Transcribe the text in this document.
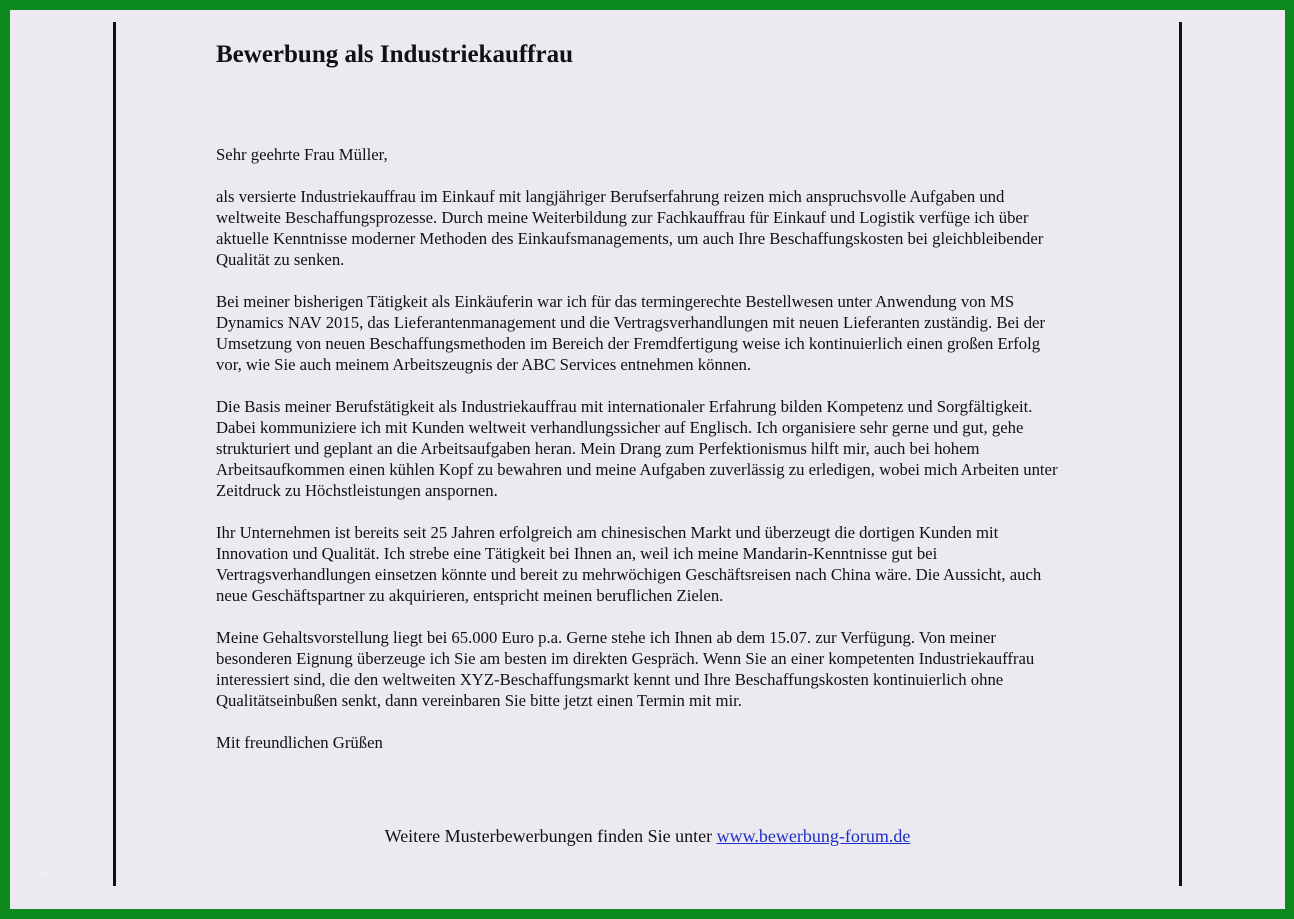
lalelu blue
Bewerbung als Industriekauffrau

Sehr geehrte Frau Müller,

als versierte Industriekauffrau im Einkauf mit langjähriger Berufserfahrung reizen mich anspruchsvolle Aufgaben und weltweite Beschaffungsprozesse. Durch meine Weiterbildung zur Fachkauffrau für Einkauf und Logistik verfüge ich über aktuelle Kenntnisse moderner Methoden des Einkaufsmanagements, um auch Ihre Beschaffungskosten bei gleichbleibender Qualität zu senken.

Bei meiner bisherigen Tätigkeit als Einkäuferin war ich für das termingerechte Bestellwesen unter Anwendung von MS Dynamics NAV 2015, das Lieferantenmanagement und die Vertragsverhandlungen mit neuen Lieferanten zuständig. Bei der Umsetzung von neuen Beschaffungsmethoden im Bereich der Fremdfertigung weise ich kontinuierlich einen großen Erfolg vor, wie Sie auch meinem Arbeitszeugnis der ABC Services entnehmen können.

Die Basis meiner Berufstätigkeit als Industriekauffrau mit internationaler Erfahrung bilden Kompetenz und Sorgfältigkeit. Dabei kommuniziere ich mit Kunden weltweit verhandlungssicher auf Englisch. Ich organisiere sehr gerne und gut, gehe strukturiert und geplant an die Arbeitsaufgaben heran. Mein Drang zum Perfektionismus hilft mir, auch bei hohem Arbeitsaufkommen einen kühlen Kopf zu bewahren und meine Aufgaben zuverlässig zu erledigen, wobei mich Arbeiten unter Zeitdruck zu Höchstleistungen anspornen.

Ihr Unternehmen ist bereits seit 25 Jahren erfolgreich am chinesischen Markt und überzeugt die dortigen Kunden mit Innovation und Qualität. Ich strebe eine Tätigkeit bei Ihnen an, weil ich meine Mandarin-Kenntnisse gut bei Vertragsverhandlungen einsetzen könnte und bereit zu mehrwöchigen Geschäftsreisen nach China wäre. Die Aussicht, auch neue Geschäftspartner zu akquirieren, entspricht meinen beruflichen Zielen.

Meine Gehaltsvorstellung liegt bei 65.000 Euro p.a. Gerne stehe ich Ihnen ab dem 15.07. zur Verfügung. Von meiner besonderen Eignung überzeuge ich Sie am besten im direkten Gespräch. Wenn Sie an einer kompetenten Industriekauffrau interessiert sind, die den weltweiten XYZ-Beschaffungsmarkt kennt und Ihre Beschaffungskosten kontinuierlich ohne Qualitätseinbußen senkt, dann vereinbaren Sie bitte jetzt einen Termin mit mir.

Mit freundlichen Grüßen

Weitere Musterbewerbungen finden Sie unter www.bewerbung-forum.de
